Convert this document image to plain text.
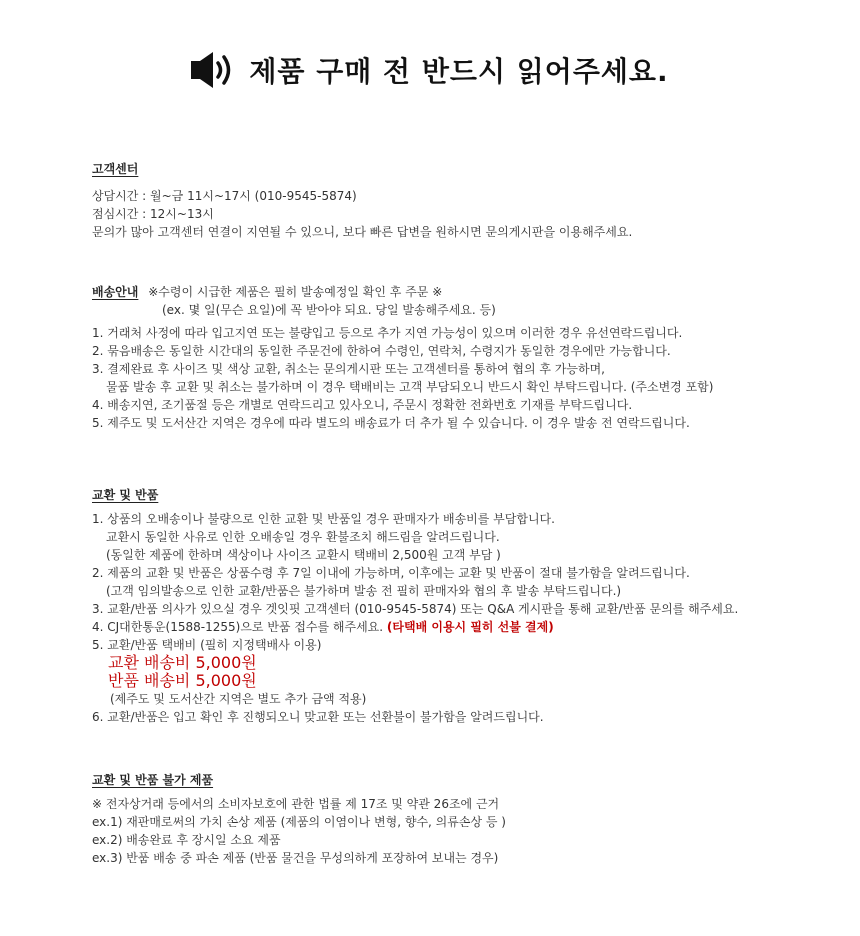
제품 구매 전 반드시 읽어주세요.
고객센터
상담시간 : 월~금 11시~17시 (010-9545-5874)
점심시간 : 12시~13시
문의가 많아 고객센터 연결이 지연될 수 있으니, 보다 빠른 답변을 원하시면 문의게시판을 이용해주세요.
배송안내 ※수령이 시급한 제품은 필히 발송예정일 확인 후 주문 ※
(ex. 몇 일(무슨 요일)에 꼭 받아야 되요. 당일 발송해주세요. 등)
1. 거래처 사정에 따라 입고지연 또는 불량입고 등으로 추가 지연 가능성이 있으며 이러한 경우 유선연락드립니다.
2. 묶음배송은 동일한 시간대의 동일한 주문건에 한하여 수령인, 연락처, 수령지가 동일한 경우에만 가능합니다.
3. 결제완료 후 사이즈 및 색상 교환, 취소는 문의게시판 또는 고객센터를 통하여 협의 후 가능하며,
물품 발송 후 교환 및 취소는 불가하며 이 경우 택배비는 고객 부담되오니 반드시 확인 부탁드립니다. (주소변경 포함)
4. 배송지연, 조기품절 등은 개별로 연락드리고 있사오니, 주문시 정확한 전화번호 기재를 부탁드립니다.
5. 제주도 및 도서산간 지역은 경우에 따라 별도의 배송료가 더 추가 될 수 있습니다. 이 경우 발송 전 연락드립니다.
교환 및 반품
1. 상품의 오배송이나 불량으로 인한 교환 및 반품일 경우 판매자가 배송비를 부담합니다.
교환시 동일한 사유로 인한 오배송일 경우 환불조치 해드림을 알려드립니다.
(동일한 제품에 한하며 색상이나 사이즈 교환시 택배비 2,500원 고객 부담 )
2. 제품의 교환 및 반품은 상품수령 후 7일 이내에 가능하며, 이후에는 교환 및 반품이 절대 불가함을 알려드립니다.
(고객 임의발송으로 인한 교환/반품은 불가하며 발송 전 필히 판매자와 협의 후 발송 부탁드립니다.)
3. 교환/반품 의사가 있으실 경우 겟잇핏 고객센터 (010-9545-5874) 또는 Q&A 게시판을 통해 교환/반품 문의를 해주세요.
4. CJ대한통운(1588-1255)으로 반품 접수를 해주세요. (타택배 이용시 필히 선불 결제)
5. 교환/반품 택배비 (필히 지정택배사 이용)
교환 배송비 5,000원
반품 배송비 5,000원
(제주도 및 도서산간 지역은 별도 추가 금액 적용)
6. 교환/반품은 입고 확인 후 진행되오니 맞교환 또는 선환불이 불가함을 알려드립니다.
교환 및 반품 불가 제품
※ 전자상거래 등에서의 소비자보호에 관한 법률 제 17조 및 약관 26조에 근거
ex.1) 재판매로써의 가치 손상 제품 (제품의 이염이나 변형, 향수, 의류손상 등 )
ex.2) 배송완료 후 장시일 소요 제품
ex.3) 반품 배송 중 파손 제품 (반품 물건을 무성의하게 포장하여 보내는 경우)
